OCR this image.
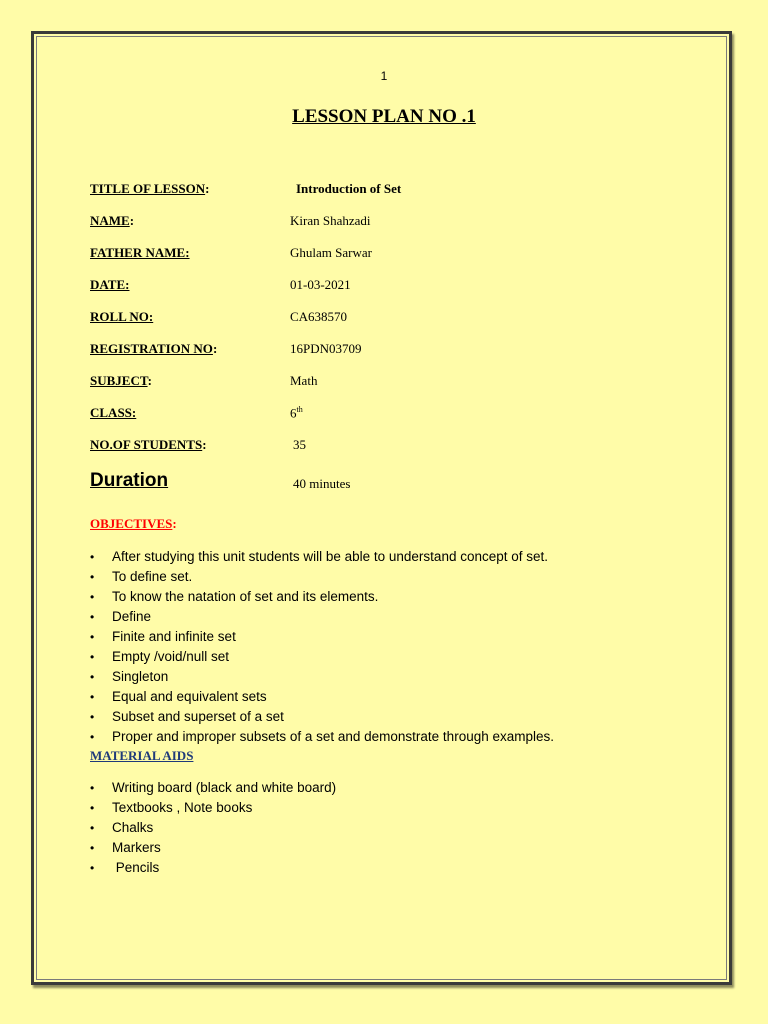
1
LESSON PLAN NO .1
TITLE OF LESSON:	Introduction of Set
NAME:	Kiran Shahzadi
FATHER NAME:	Ghulam Sarwar
DATE:	01-03-2021
ROLL NO:	CA638570
REGISTRATION NO:	16PDN03709
SUBJECT:	Math
CLASS:	6th
NO.OF STUDENTS:	35
Duration	40 minutes
OBJECTIVES:
• After studying this unit students will be able to understand concept of set.
• To define set.
• To know the natation of set and its elements.
• Define
• Finite and infinite set
• Empty /void/null set
• Singleton
• Equal and equivalent sets
• Subset and superset of a set
• Proper and improper subsets of a set and demonstrate through examples.
MATERIAL AIDS
• Writing board (black and white board)
• Textbooks , Note books
• Chalks
• Markers
• Pencils
